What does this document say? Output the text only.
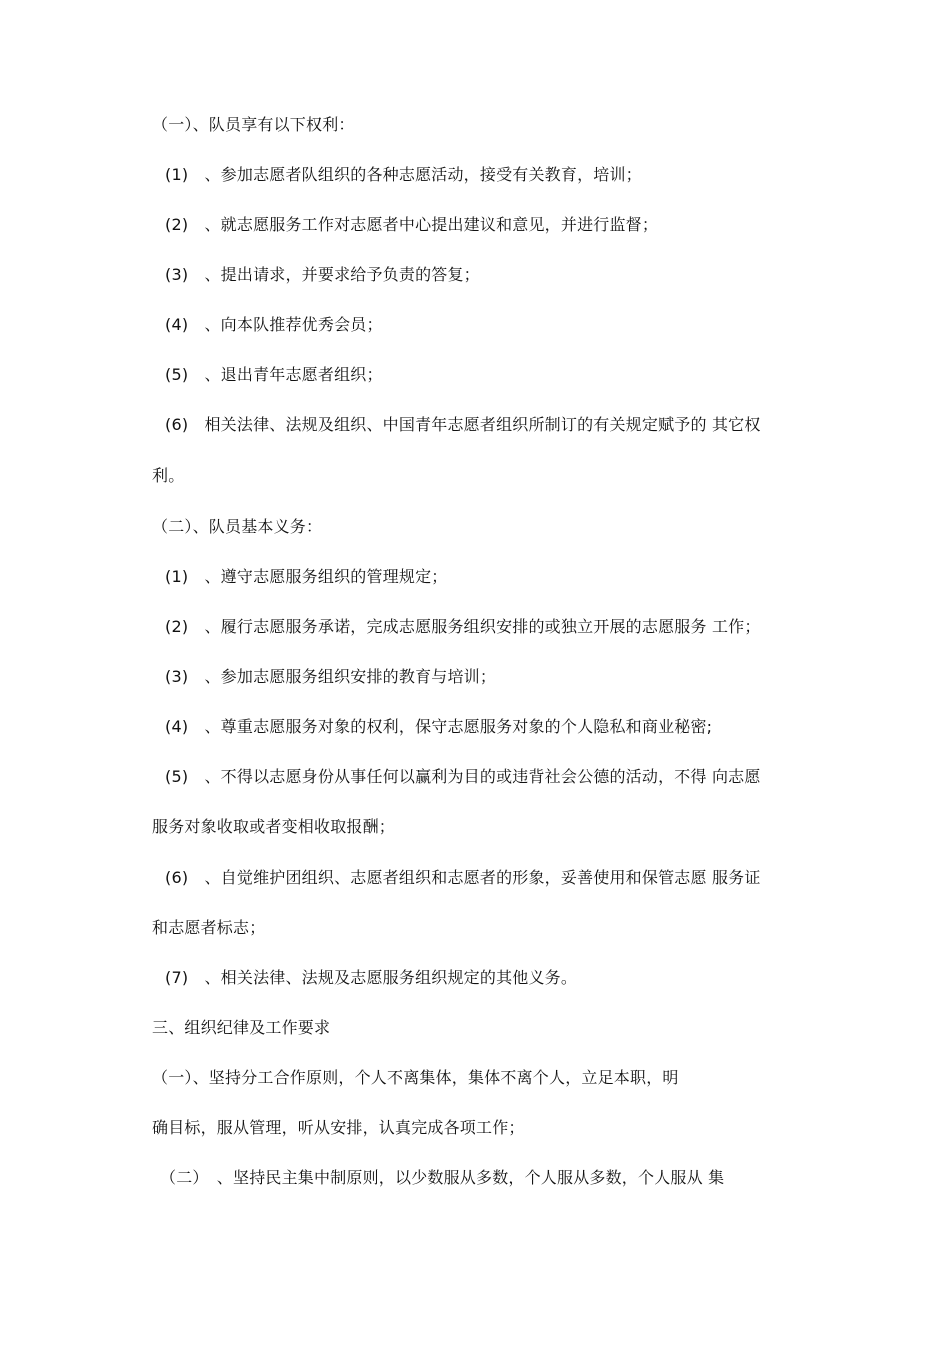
（一）、队员享有以下权利：
(1)　、参加志愿者队组织的各种志愿活动，接受有关教育，培训；
(2)　、就志愿服务工作对志愿者中心提出建议和意见，并进行监督；
(3)　、提出请求，并要求给予负责的答复；
(4)　、向本队推荐优秀会员；
(5)　、退出青年志愿者组织；
(6)　相关法律、法规及组织、中国青年志愿者组织所制订的有关规定赋予的 其它权
利。
（二）、队员基本义务：
(1)　、遵守志愿服务组织的管理规定；
(2)　、履行志愿服务承诺，完成志愿服务组织安排的或独立开展的志愿服务 工作；
(3)　、参加志愿服务组织安排的教育与培训；
(4)　、尊重志愿服务对象的权利，保守志愿服务对象的个人隐私和商业秘密;
(5)　、不得以志愿身份从事任何以赢利为目的或违背社会公德的活动，不得 向志愿
服务对象收取或者变相收取报酬；
(6)　、自觉维护团组织、志愿者组织和志愿者的形象，妥善使用和保管志愿 服务证
和志愿者标志；
(7)　、相关法律、法规及志愿服务组织规定的其他义务。
三、组织纪律及工作要求
（一）、坚持分工合作原则，个人不离集体，集体不离个人，立足本职，明
确目标，服从管理，听从安排，认真完成各项工作；
（二）　、坚持民主集中制原则，以少数服从多数，个人服从多数，个人服从 集
